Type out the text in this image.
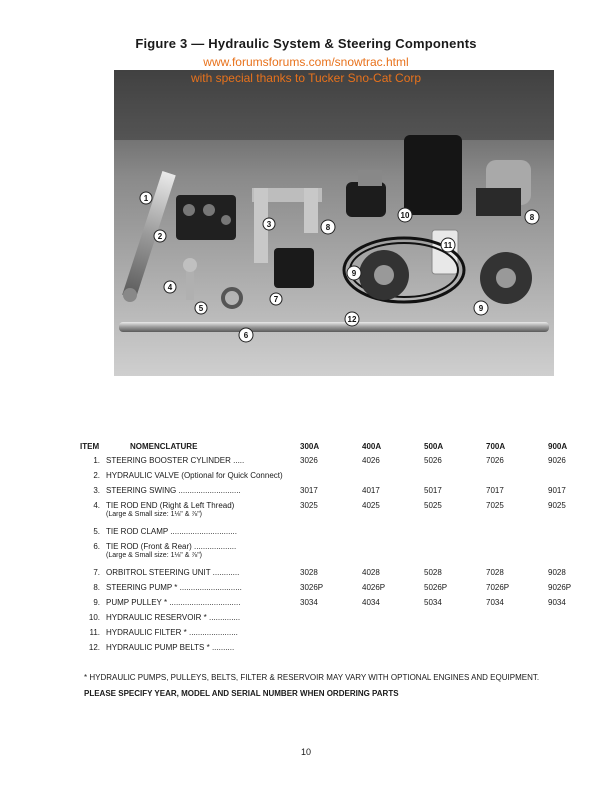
Figure 3 — Hydraulic System & Steering Components
1
2
3	8
10	8
11
4
7
9
5
12
9
6
www.forumsforums.com/snowtrac.html
with special thanks to Tucker Sno-Cat Corp
ITEM	NOMENCLATURE	300A	400A	500A	700A	900A
1.	STEERING BOOSTER CYLINDER .....	3026	4026	5026	7026	9026
2.	HYDRAULIC VALVE (Optional for Quick Connect)					
3.	STEERING SWING ............................	3017	4017	5017	7017	9017
4.	TIE ROD END (Right & Left Thread)
(Large & Small size: 1⅛" & ⅞")	3025	4025	5025	7025	9025
5.	TIE ROD CLAMP ..............................					
6.	TIE ROD (Front & Rear) ...................
(Large & Small size: 1⅛" & ⅞")					

7.	ORBITROL STEERING UNIT ............	3028	4028	5028	7028	9028
8.	STEERING PUMP * ............................	3026P	4026P	5026P	7026P	9026P
9.	PUMP PULLEY * ................................	3034	4034	5034	7034	9034
10.	HYDRAULIC RESERVOIR * ..............					
11.	HYDRAULIC FILTER * ......................					
12.	HYDRAULIC PUMP BELTS * ..........					
* HYDRAULIC PUMPS, PULLEYS, BELTS, FILTER & RESERVOIR MAY VARY WITH OPTIONAL ENGINES AND EQUIPMENT.   PLEASE SPECIFY YEAR, MODEL AND SERIAL NUMBER WHEN ORDERING PARTS
10
